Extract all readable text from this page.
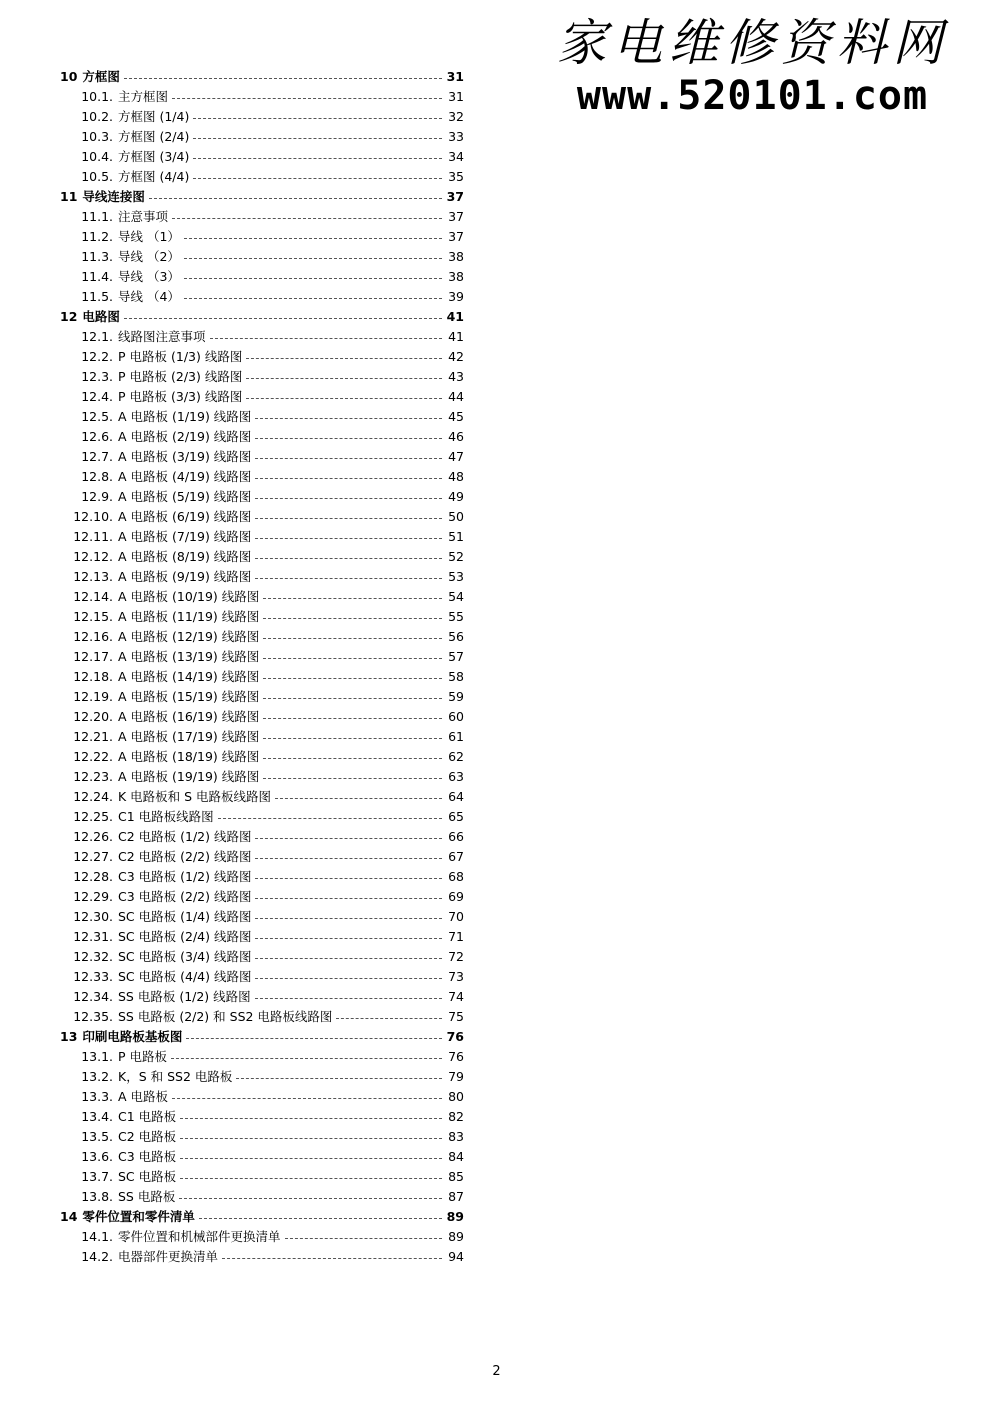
家电维修资料网
www.520101.com
10 方框图	31
10.1. 主方框图	31
10.2. 方框图 (1/4)	32
10.3. 方框图 (2/4)	33
10.4. 方框图 (3/4)	34
10.5. 方框图 (4/4)	35
11 导线连接图	37
11.1. 注意事项	37
11.2. 导线 （1）	37
11.3. 导线 （2）	38
11.4. 导线 （3）	38
11.5. 导线 （4）	39
12 电路图	41
12.1. 线路图注意事项	41
12.2. P 电路板 (1/3) 线路图	42
12.3. P 电路板 (2/3) 线路图	43
12.4. P 电路板 (3/3) 线路图	44
12.5. A 电路板 (1/19) 线路图	45
12.6. A 电路板 (2/19) 线路图	46
12.7. A 电路板 (3/19) 线路图	47
12.8. A 电路板 (4/19) 线路图	48
12.9. A 电路板 (5/19) 线路图	49
12.10. A 电路板 (6/19) 线路图	50
12.11. A 电路板 (7/19) 线路图	51
12.12. A 电路板 (8/19) 线路图	52
12.13. A 电路板 (9/19) 线路图	53
12.14. A 电路板 (10/19) 线路图	54
12.15. A 电路板 (11/19) 线路图	55
12.16. A 电路板 (12/19) 线路图	56
12.17. A 电路板 (13/19) 线路图	57
12.18. A 电路板 (14/19) 线路图	58
12.19. A 电路板 (15/19) 线路图	59
12.20. A 电路板 (16/19) 线路图	60
12.21. A 电路板 (17/19) 线路图	61
12.22. A 电路板 (18/19) 线路图	62
12.23. A 电路板 (19/19) 线路图	63
12.24. K 电路板和 S 电路板线路图	64
12.25. C1 电路板线路图	65
12.26. C2 电路板 (1/2) 线路图	66
12.27. C2 电路板 (2/2) 线路图	67
12.28. C3 电路板 (1/2) 线路图	68
12.29. C3 电路板 (2/2) 线路图	69
12.30. SC 电路板 (1/4) 线路图	70
12.31. SC 电路板 (2/4) 线路图	71
12.32. SC 电路板 (3/4) 线路图	72
12.33. SC 电路板 (4/4) 线路图	73
12.34. SS 电路板 (1/2) 线路图	74
12.35. SS 电路板 (2/2) 和 SS2 电路板线路图	75
13 印刷电路板基板图	76
13.1. P 电路板	76
13.2. K，S 和 SS2 电路板	79
13.3. A 电路板	80
13.4. C1 电路板	82
13.5. C2 电路板	83
13.6. C3 电路板	84
13.7. SC 电路板	85
13.8. SS 电路板	87
14 零件位置和零件清单	89
14.1. 零件位置和机械部件更换清单	89
14.2. 电器部件更换清单	94
2
